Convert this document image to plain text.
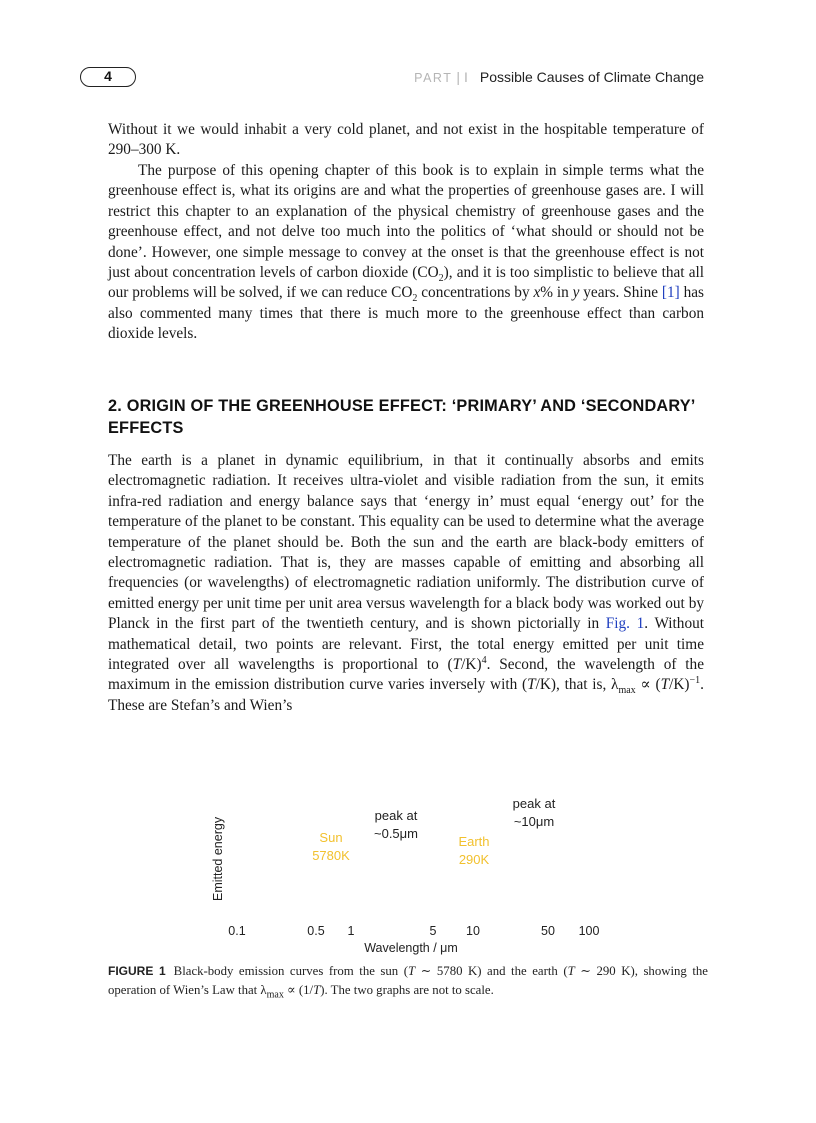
4	PART | I Possible Causes of Climate Change

Without it we would inhabit a very cold planet, and not exist in the hospitable temperature of 290–300 K.

The purpose of this opening chapter of this book is to explain in simple terms what the greenhouse effect is, what its origins are and what the properties of greenhouse gases are. I will restrict this chapter to an explanation of the physical chemistry of greenhouse gases and the greenhouse effect, and not delve too much into the politics of ‘what should or should not be done’. However, one simple message to convey at the onset is that the greenhouse effect is not just about concentration levels of carbon dioxide $(CO_2)$, and it is too simplistic to believe that all our problems will be solved, if we can reduce $CO_2$ concentrations by x% in y years. Shine [1] has also commented many times that there is much more to the greenhouse effect than carbon dioxide levels.

2. ORIGIN OF THE GREENHOUSE EFFECT: ‘PRIMARY’ AND ‘SECONDARY’ EFFECTS

The earth is a planet in dynamic equilibrium, in that it continually absorbs and emits electromagnetic radiation. It receives ultra-violet and visible radiation from the sun, it emits infra-red radiation and energy balance says that ‘energy in’ must equal ‘energy out’ for the temperature of the planet to be constant. This equality can be used to determine what the average temperature of the planet should be. Both the sun and the earth are black-body emitters of electromagnetic radiation. That is, they are masses capable of emitting and absorbing all frequencies (or wavelengths) of electromagnetic radiation uniformly. The distribution curve of emitted energy per unit time per unit area versus wavelength for a black body was worked out by Planck in the first part of the twentieth century, and is shown pictorially in Fig. 1. Without mathematical detail, two points are relevant. First, the total energy emitted per unit time integrated over all wavelengths is proportional to $(T/K)^4$. Second, the wavelength of the maximum in the emission distribution curve varies inversely with (T/K), that is, $\lambda_{max} \propto (T/K)^{-1}$. These are Stefan’s and Wien’s

Emitted energy	Sun
5780K
peak at
~0.5μm
Earth
290K
peak at
~10μm
0.1	0.5 1	5 10	50 100
Wavelength / μm

FIGURE 1 Black-body emission curves from the sun (T ∼ 5780 K) and the earth (T ∼ 290 K), showing the operation of Wien’s Law that $\lambda_{max} \propto (1/T)$. The two graphs are not to scale.
